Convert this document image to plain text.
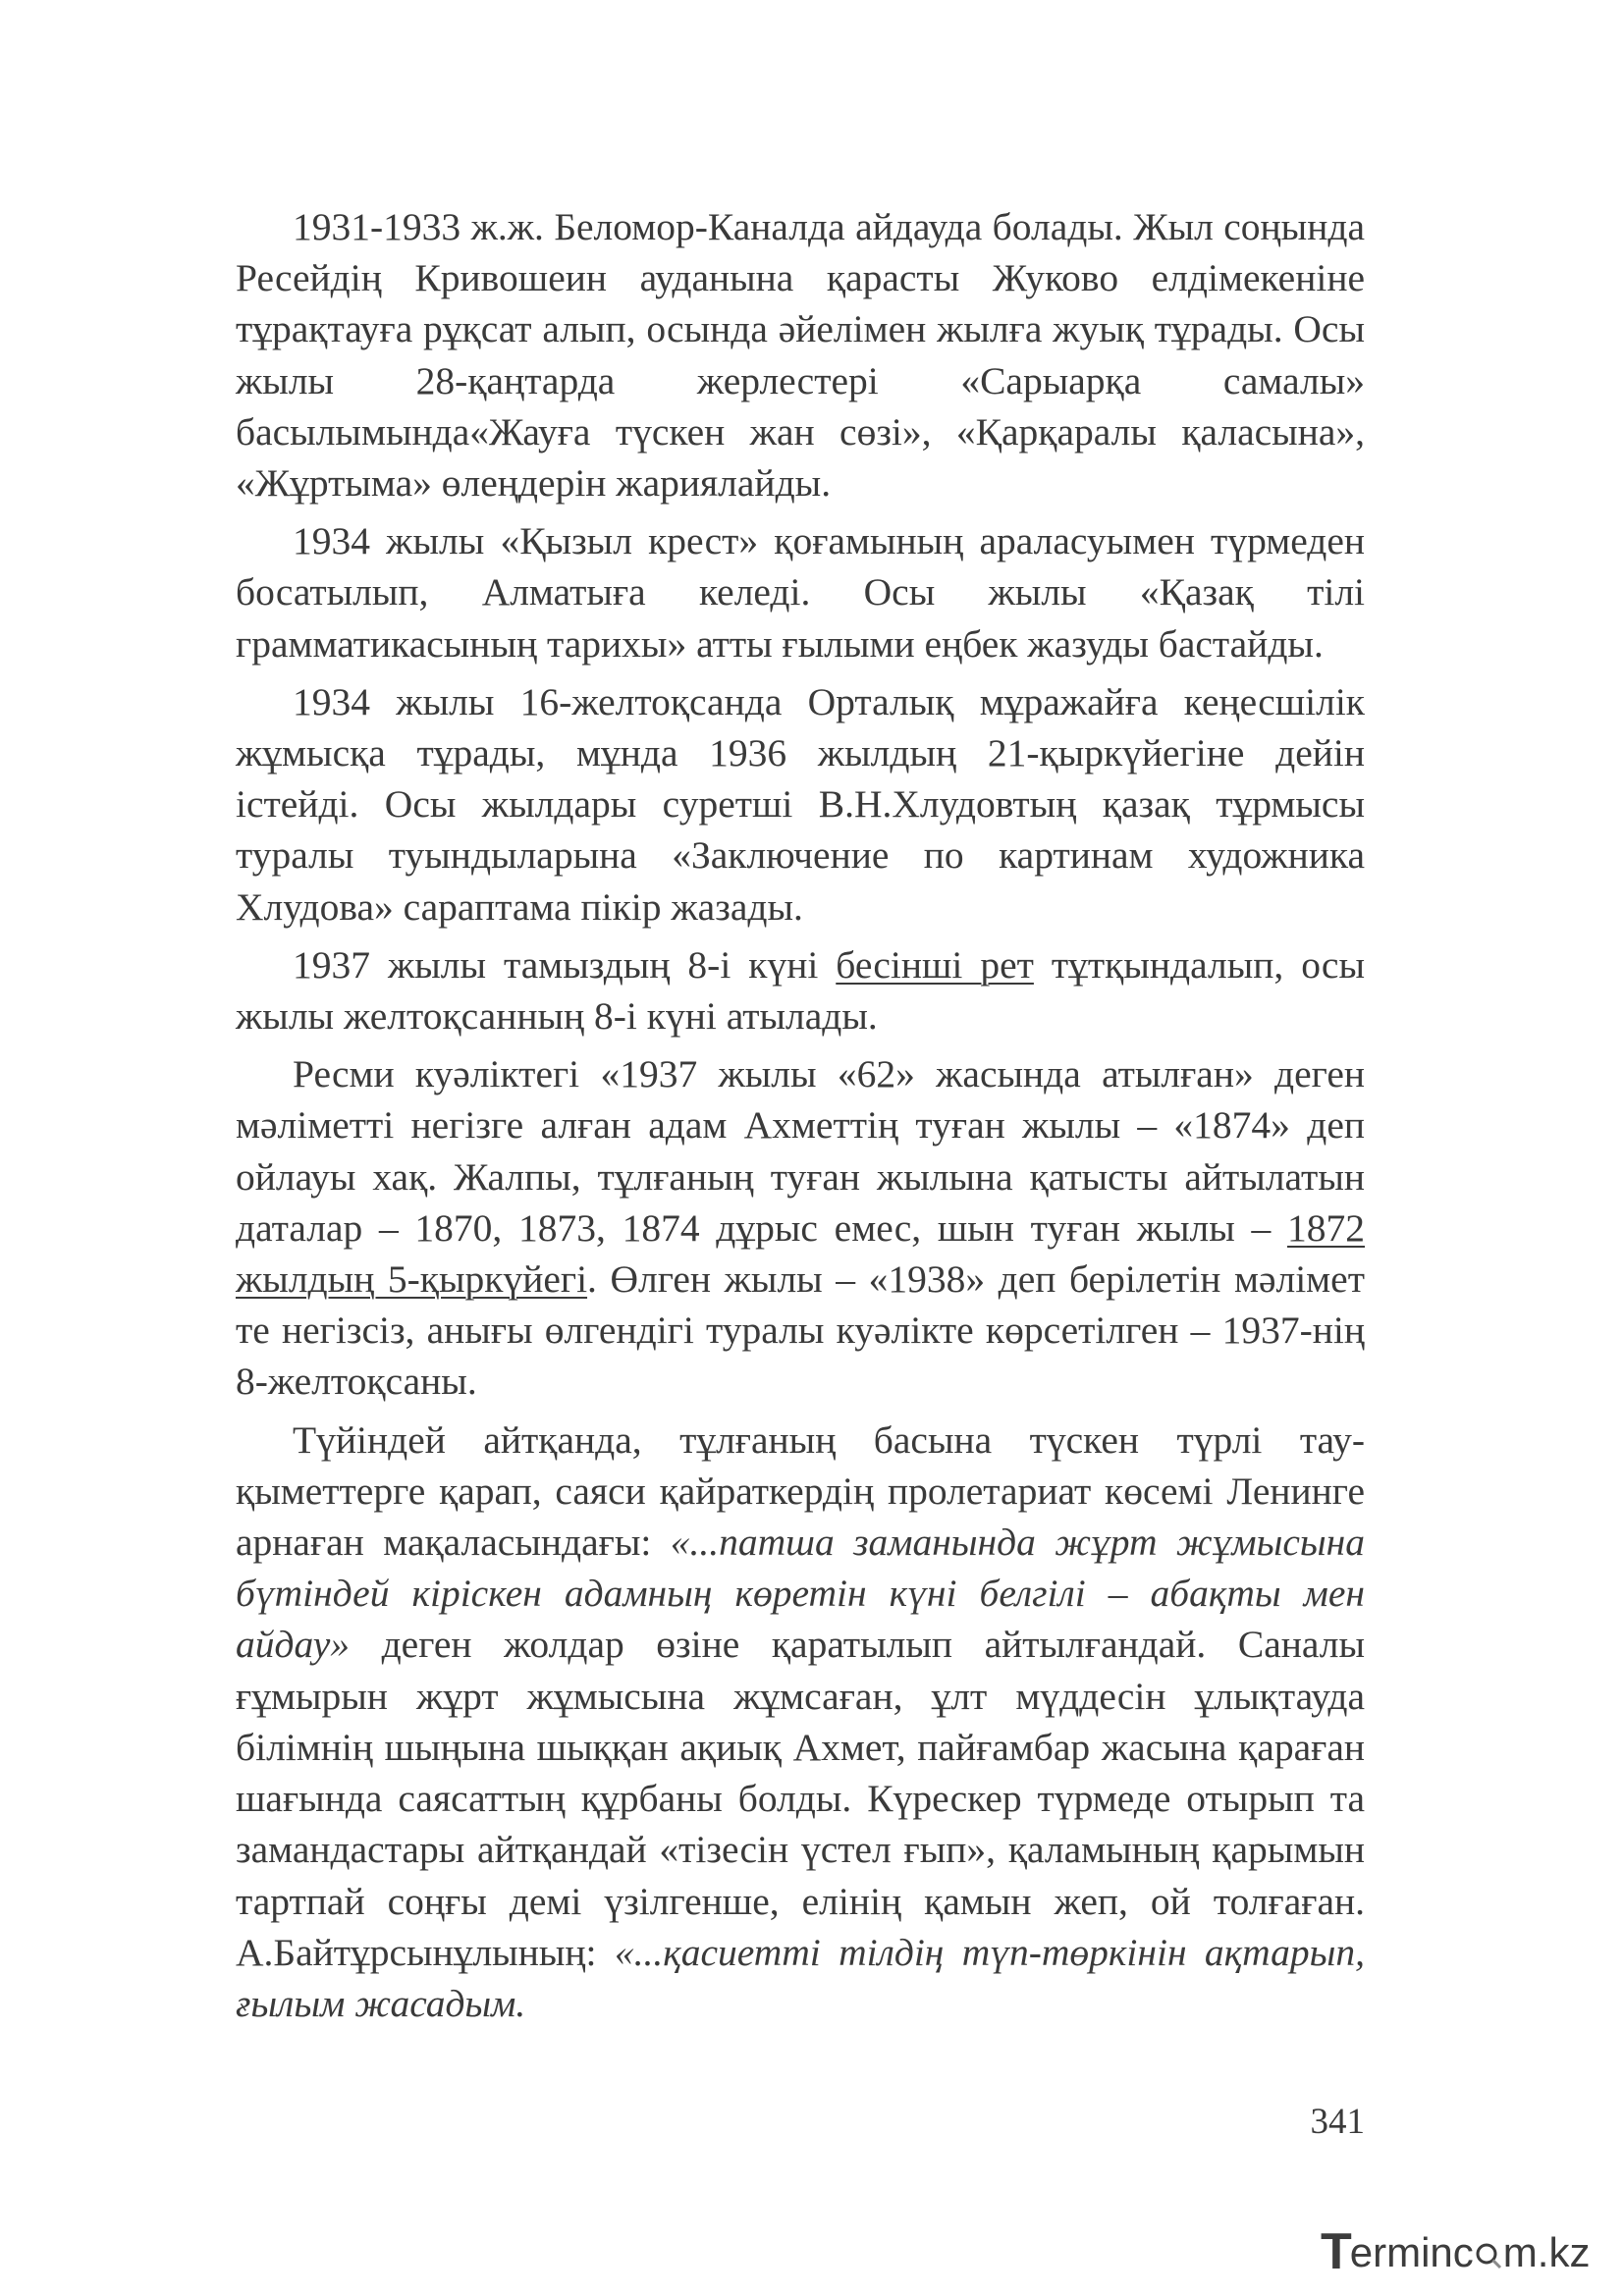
1931-1933 ж.ж. Беломор-Каналда айдауда болады. Жыл соңында Ресейдің Кривошеин ауданына қарасты Жуково елдімекеніне тұрақтауға рұқсат алып, осында әйелімен жылға жуық тұрады. Осы жылы 28-қаңтарда жерлестері «Сарыарқа самалы» басылымында«Жауға түскен жан сөзі», «Қарқаралы қаласына», «Жұртыма» өлеңдерін жариялайды.

1934 жылы «Қызыл крест» қоғамының араласуымен түрмеден босатылып, Алматыға келеді. Осы жылы «Қазақ тілі грамматикасының тарихы» атты ғылыми еңбек жазуды бастайды.

1934 жылы 16-желтоқсанда Орталық мұражайға кеңесшілік жұмысқа тұрады, мұнда 1936 жылдың 21-қыркүйегіне дейін істейді. Осы жылдары суретші В.Н.Хлудовтың қазақ тұрмысы туралы туындыларына «Заключение по картинам художника Хлудова» сараптама пікір жазады.

1937 жылы тамыздың 8-і күні бесінші рет тұтқындалып, осы жылы желтоқсанның 8-і күні атылады.

Ресми куәліктегі «1937 жылы «62» жасында атылған» деген мәліметті негізге алған адам Ахметтің туған жылы – «1874» деп ойлауы хақ. Жалпы, тұлғаның туған жылына қатысты айтылатын даталар – 1870, 1873, 1874 дұрыс емес, шын туған жылы – 1872 жылдың 5-қыркүйегі. Өлген жылы – «1938» деп берілетін мәлімет те негізсіз, анығы өлгендігі туралы куәлікте көрсетілген – 1937-нің 8-желтоқсаны.

Түйіндей айтқанда, тұлғаның басына түскен түрлі тауқыметтерге қарап, саяси қайраткердің пролетариат көсемі Ленинге арнаған мақаласындағы: «...патша заманында жұрт жұмысына бүтіндей кіріскен адамның көретін күні белгілі – абақты мен айдау» деген жолдар өзіне қаратылып айтылғандай. Саналы ғұмырын жұрт жұмысына жұмсаған, ұлт мүддесін ұлықтауда білімнің шыңына шыққан ақиық Ахмет, пайғамбар жасына қараған шағында саясаттың құрбаны болды. Күрескер түрмеде отырып та замандастары айтқандай «тізесін үстел ғып», қаламының қарымын тартпай соңғы демі үзілгенше, елінің қамын жеп, ой толғаған. А.Байтұрсынұлының: «...қасиетті тілдің түп-төркінін ақтарып, ғылым жасадым.

341
Terminc m.kz
